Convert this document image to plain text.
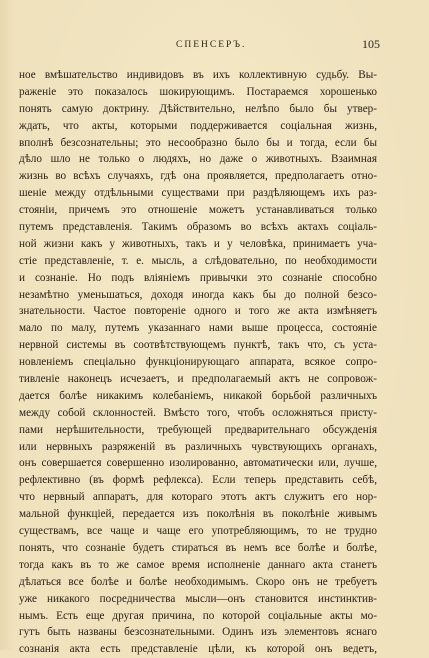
СПЕНСЕРЪ.	105
ное вмѣшательство индивидовъ въ ихъ коллективную судьбу. Вы-
раженіе это показалось шокирующимъ. Постараемся хорошенько
понять самую доктрину. Дѣйствительно, нелѣпо было бы утвер-
ждать, что акты, которыми поддерживается соціальная жизнь,
вполнѣ безсознательны; это несообразно было бы и тогда, если бы
дѣло шло не только о людяхъ, но даже о животныхъ. Взаимная
жизнь во всѣхъ случаяхъ, гдѣ она проявляется, предполагаетъ отно-
шеніе между отдѣльными существами при раздѣляющемъ ихъ раз-
стояніи, причемъ это отношеніе можетъ устанавливаться только
путемъ представленія. Такимъ образомъ во всѣхъ актахъ соціаль-
ной жизни какъ у животныхъ, такъ и у человѣка, принимаетъ уча-
стіе представленіе, т. е. мысль, а слѣдовательно, по необходимости
и сознаніе. Но подъ вліяніемъ привычки это сознаніе способно
незамѣтно уменьшаться, доходя иногда какъ бы до полной безсо-
знательности. Частое повтореніе одного и того же акта измѣняетъ
мало по малу, путемъ указаннаго нами выше процесса, состояніе
нервной системы въ соотвѣтствующемъ пунктѣ, такъ что, съ уста-
новленіемъ спеціально функціонирующаго аппарата, всякое сопро-
тивленіе наконецъ исчезаетъ, и предполагаемый актъ не сопровож-
дается болѣе никакимъ колебаніемъ, никакой борьбой различныхъ
между собой склонностей. Вмѣсто того, чтобъ осложняться присту-
пами нерѣшительности, требующей предварительнаго обсужденія
или нервныхъ разряженій въ различныхъ чувствующихъ органахъ,
онъ совершается совершенно изолированно, автоматически или, лучше,
рефлективно (въ формѣ рефлекса). Если теперь представить себѣ,
что нервный аппаратъ, для котораго этотъ актъ служитъ его нор-
мальной функціей, передается изъ поколѣнія въ поколѣніе живымъ
существамъ, все чаще и чаще его употребляющимъ, то не трудно
понять, что сознаніе будетъ стираться въ немъ все болѣе и болѣе,
тогда какъ въ то же самое время исполненіе даннаго акта станетъ
дѣлаться все болѣе и болѣе необходимымъ. Скоро онъ не требуетъ
уже никакого посредничества мысли—онъ становится инстинктив-
нымъ. Есть еще другая причина, по которой соціальные акты мо-
гутъ быть названы безсознательными. Одинъ изъ элементовъ яснаго
сознанія акта есть представленіе цѣли, къ которой онъ ведетъ,
